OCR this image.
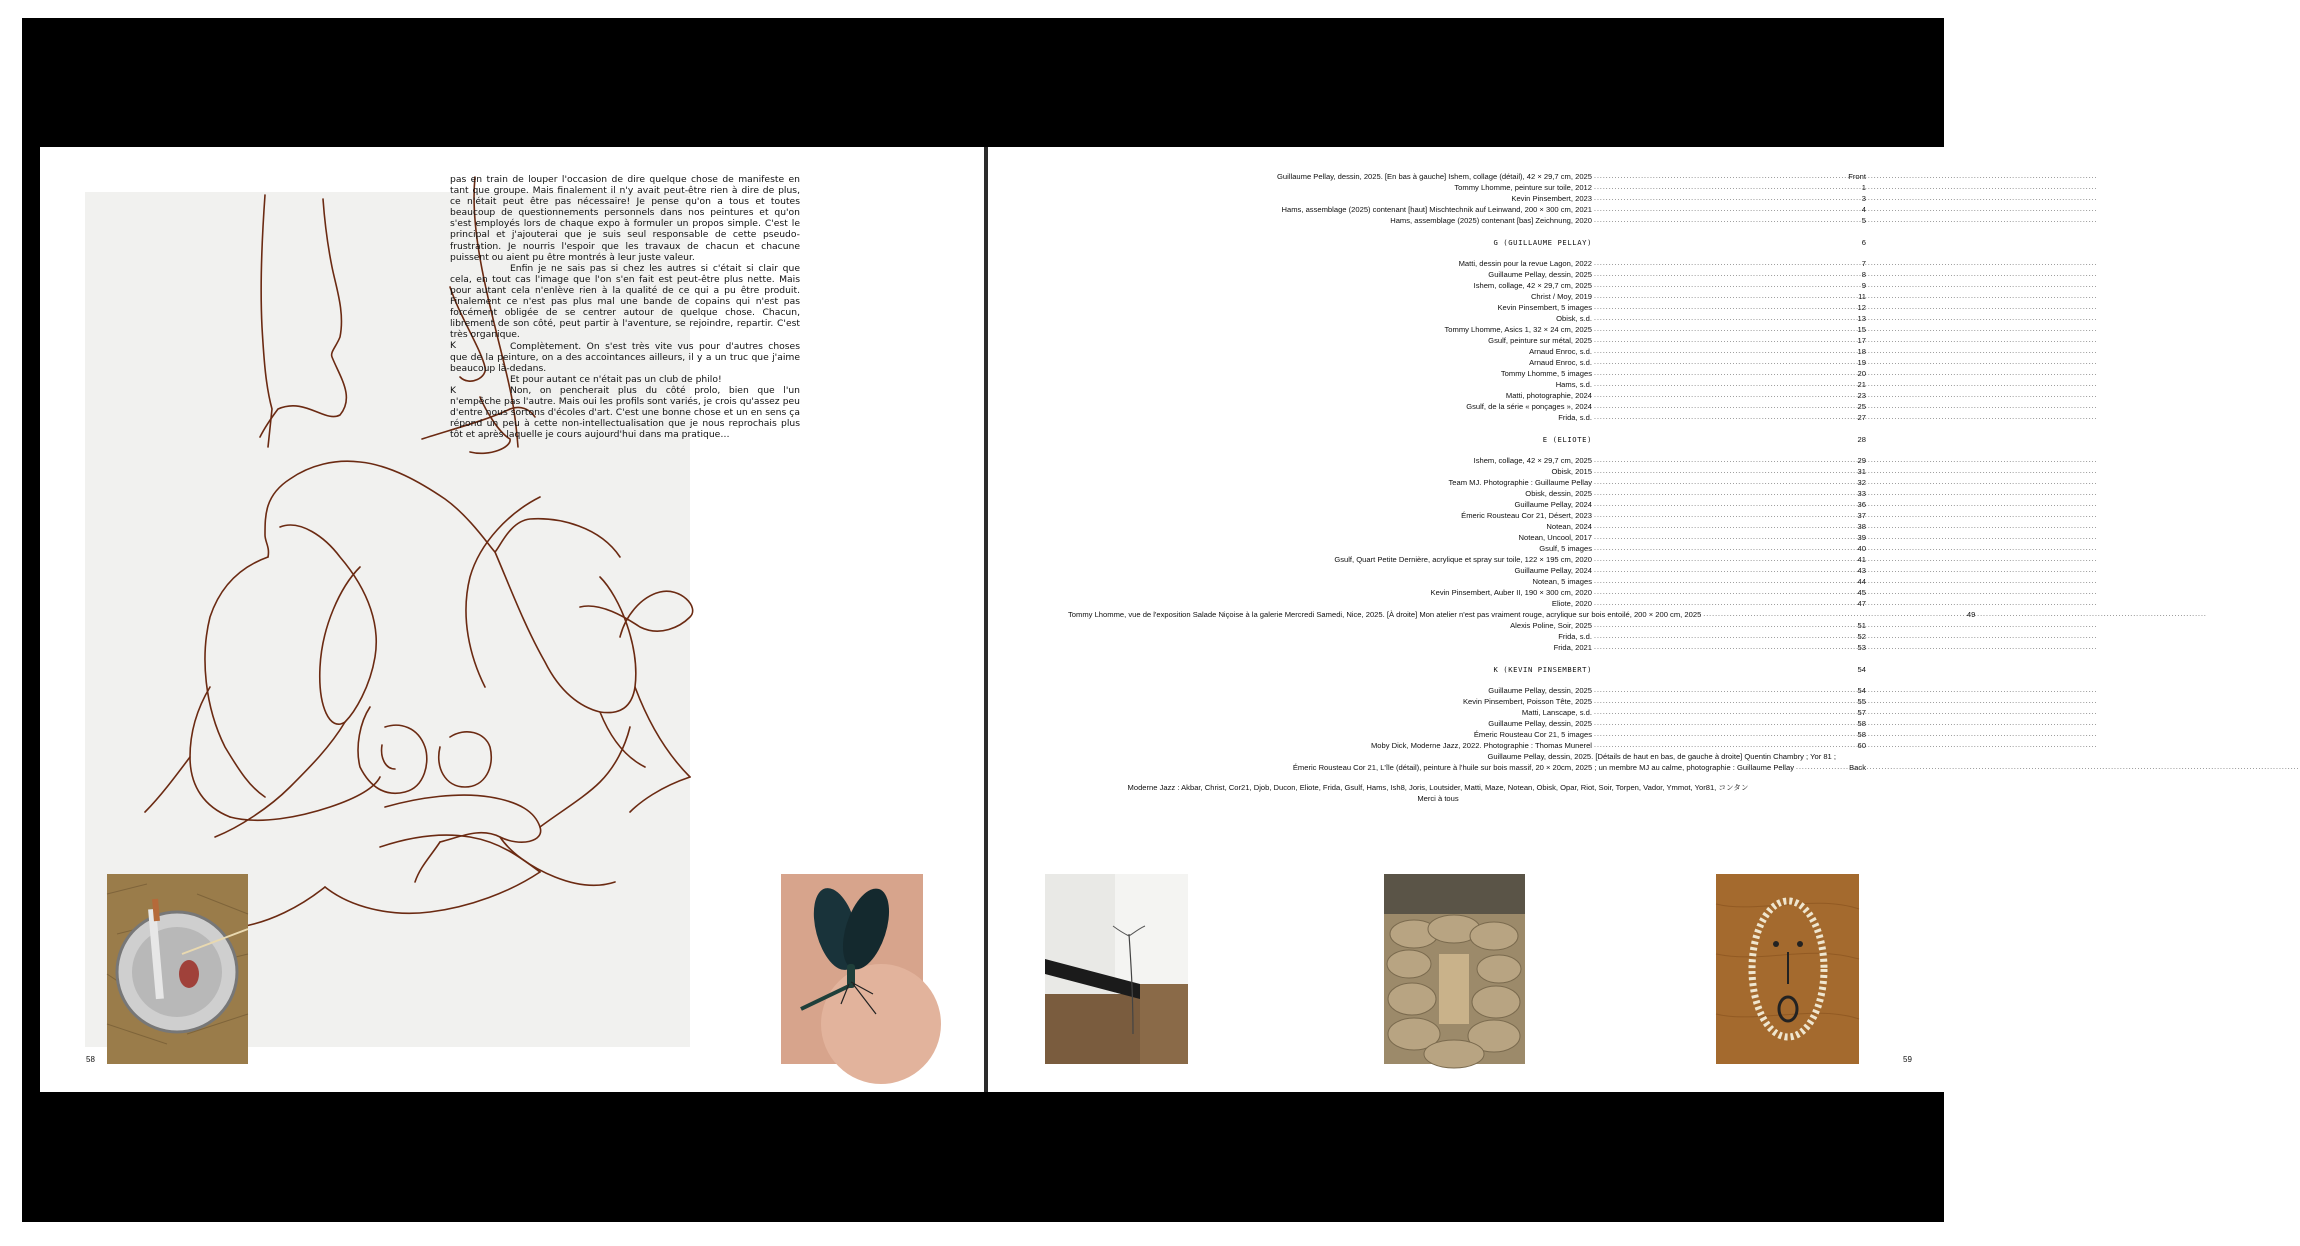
pas en train de louper l'occasion de dire quelque chose de manifeste en tant que groupe. Mais finalement il n'y avait peut-être rien à dire de plus, ce n'était peut être pas nécessaire! Je pense qu'on a tous et toutes beaucoup de questionnements personnels dans nos peintures et qu'on s'est employés lors de chaque expo à formuler un propos simple. C'est le principal et j'ajouterai que je suis seul responsable de cette pseudo-frustration. Je nourris l'espoir que les travaux de chacun et chacune puissent ou aient pu être montrés à leur juste valeur.

Enfin je ne sais pas si chez les autres si c'était si clair que cela, en tout cas l'image que l'on s'en fait est peut-être plus nette. Mais pour autant cela n'enlève rien à la qualité de ce qui a pu être produit. Finalement ce n'est pas plus mal une bande de copains qui n'est pas forcément obligée de se centrer autour de quelque chose. Chacun, librement de son côté, peut partir à l'aventure, se rejoindre, repartir. C'est très organique.

K	Complètement. On s'est très vite vus pour d'autres choses que de la peinture, on a des accointances ailleurs, il y a un truc que j'aime beaucoup là-dedans.

Et pour autant ce n'était pas un club de philo!

K	Non, on pencherait plus du côté prolo, bien que l'un n'empêche pas l'autre. Mais oui les profils sont variés, je crois qu'assez peu d'entre nous sortons d'écoles d'art. C'est une bonne chose et un en sens ça répond un peu à cette non-intellectualisation que je nous reprochais plus tôt et après laquelle je cours aujourd'hui dans ma pratique…

58
Guillaume Pellay, dessin, 2025. [En bas à gauche] Ishem, collage (détail), 42 × 29,7 cm, 2025 .....	Front
Tommy Lhomme, peinture sur toile, 2012 .....	1
Kevin Pinsembert, 2023 .....	3
Hams, assemblage (2025) contenant [haut] Mischtechnik auf Leinwand, 200 × 300 cm, 2021 .....	4
Hams, assemblage (2025) contenant [bas] Zeichnung, 2020 .....	5
G (GUILLAUME PELLAY)	6
Matti, dessin pour la revue Lagon, 2022 .....	7
Guillaume Pellay, dessin, 2025 .....	8
Ishem, collage, 42 × 29,7 cm, 2025 .....	9
Christ / Moy, 2019 .....	11
Kevin Pinsembert, 5 images .....	12
Obisk, s.d. .....	13
Tommy Lhomme, Asics 1, 32 × 24 cm, 2025 .....	15
Gsulf, peinture sur métal, 2025 .....	17
Arnaud Enroc, s.d. .....	18
Arnaud Enroc, s.d. .....	19
Tommy Lhomme, 5 images .....	20
Hams, s.d. .....	21
Matti, photographie, 2024 .....	23
Gsulf, de la série « ponçages », 2024 .....	25
Frida, s.d. .....	27
E (ELIOTE)	28
Ishem, collage, 42 × 29,7 cm, 2025 .....	29
Obisk, 2015 .....	31
Team MJ. Photographie : Guillaume Pellay .....	32
Obisk, dessin, 2025 .....	33
Guillaume Pellay, 2024 .....	36
Émeric Rousteau Cor 21, Désert, 2023 .....	37
Notean, 2024 .....	38
Notean, Uncool, 2017 .....	39
Gsulf, 5 images .....	40
Gsulf, Quart Petite Dernière, acrylique et spray sur toile, 122 × 195 cm, 2020 .....	41
Guillaume Pellay, 2024 .....	43
Notean, 5 images .....	44
Kevin Pinsembert, Auber II, 190 × 300 cm, 2020 .....	45
Eliote, 2020 .....	47
Tommy Lhomme, vue de l'exposition Salade Niçoise à la galerie Mercredi Samedi, Nice, 2025. [À droite] Mon atelier n'est pas vraiment rouge, acrylique sur bois entoilé, 200 × 200 cm, 2025 .....	49
Alexis Poline, Soir, 2025 .....	51
Frida, s.d. .....	52
Frida, 2021 .....	53
K (KEVIN PINSEMBERT)	54
Guillaume Pellay, dessin, 2025 .....	54
Kevin Pinsembert, Poisson Tête, 2025 .....	55
Matti, Lanscape, s.d. .....	57
Guillaume Pellay, dessin, 2025 .....	58
Émeric Rousteau Cor 21, 5 images .....	58
Moby Dick, Moderne Jazz, 2022. Photographie : Thomas Munerel .....	60
Guillaume Pellay, dessin, 2025. [Détails de haut en bas, de gauche à droite] Quentin Chambry ; Yor 81 ;
Émeric Rousteau Cor 21, L'île (détail), peinture à l'huile sur bois massif, 20 × 20cm, 2025 ; un membre MJ au calme, photographie : Guillaume Pellay .....	Back
Moderne Jazz : Akbar, Christ, Cor21, Djob, Ducon, Eliote, Frida, Gsulf, Hams, Ish8, Joris, Loutsider, Matti, Maze, Notean, Obisk, Opar, Riot, Soir, Torpen, Vador, Ymmot, Yor81, コンタン
Merci à tous
59
